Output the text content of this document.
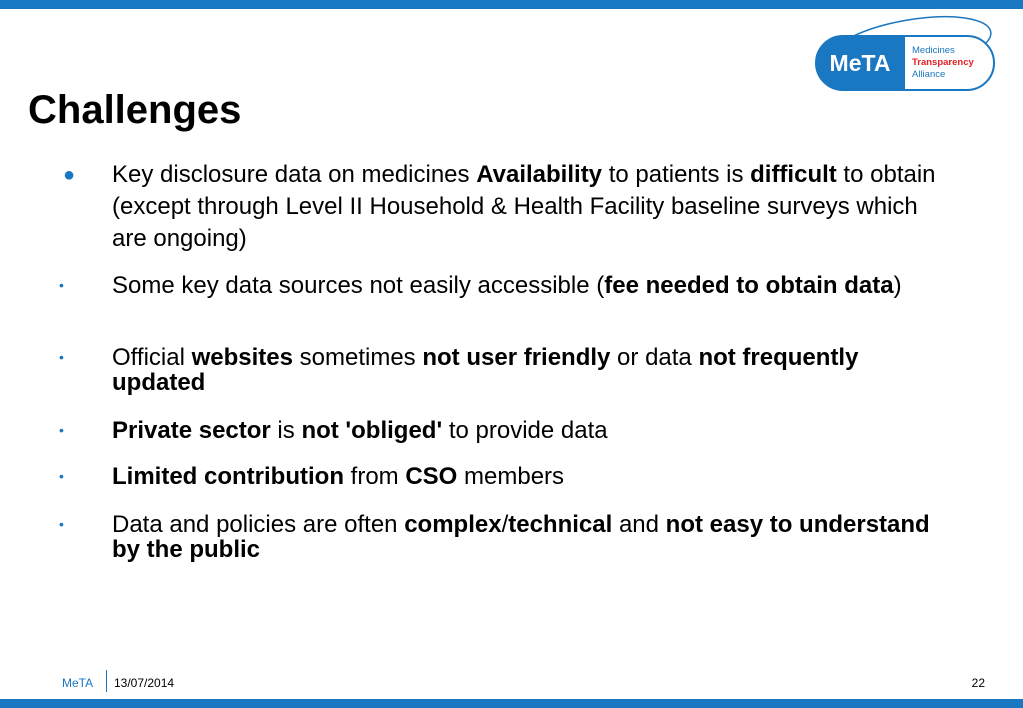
MeTA Medicines
Transparency
Alliance
Challenges
● Key disclosure data on medicines Availability to patients is difficult to obtain (except through Level II Household & Health Facility baseline surveys which are ongoing)
• Some key data sources not easily accessible (fee needed to obtain data)
• Official websites sometimes not user friendly or data not frequently updated
• Private sector is not 'obliged' to provide data
• Limited contribution from CSO members
• Data and policies are often complex/technical and not easy to understand by the public
MeTA 13/07/2014	22
